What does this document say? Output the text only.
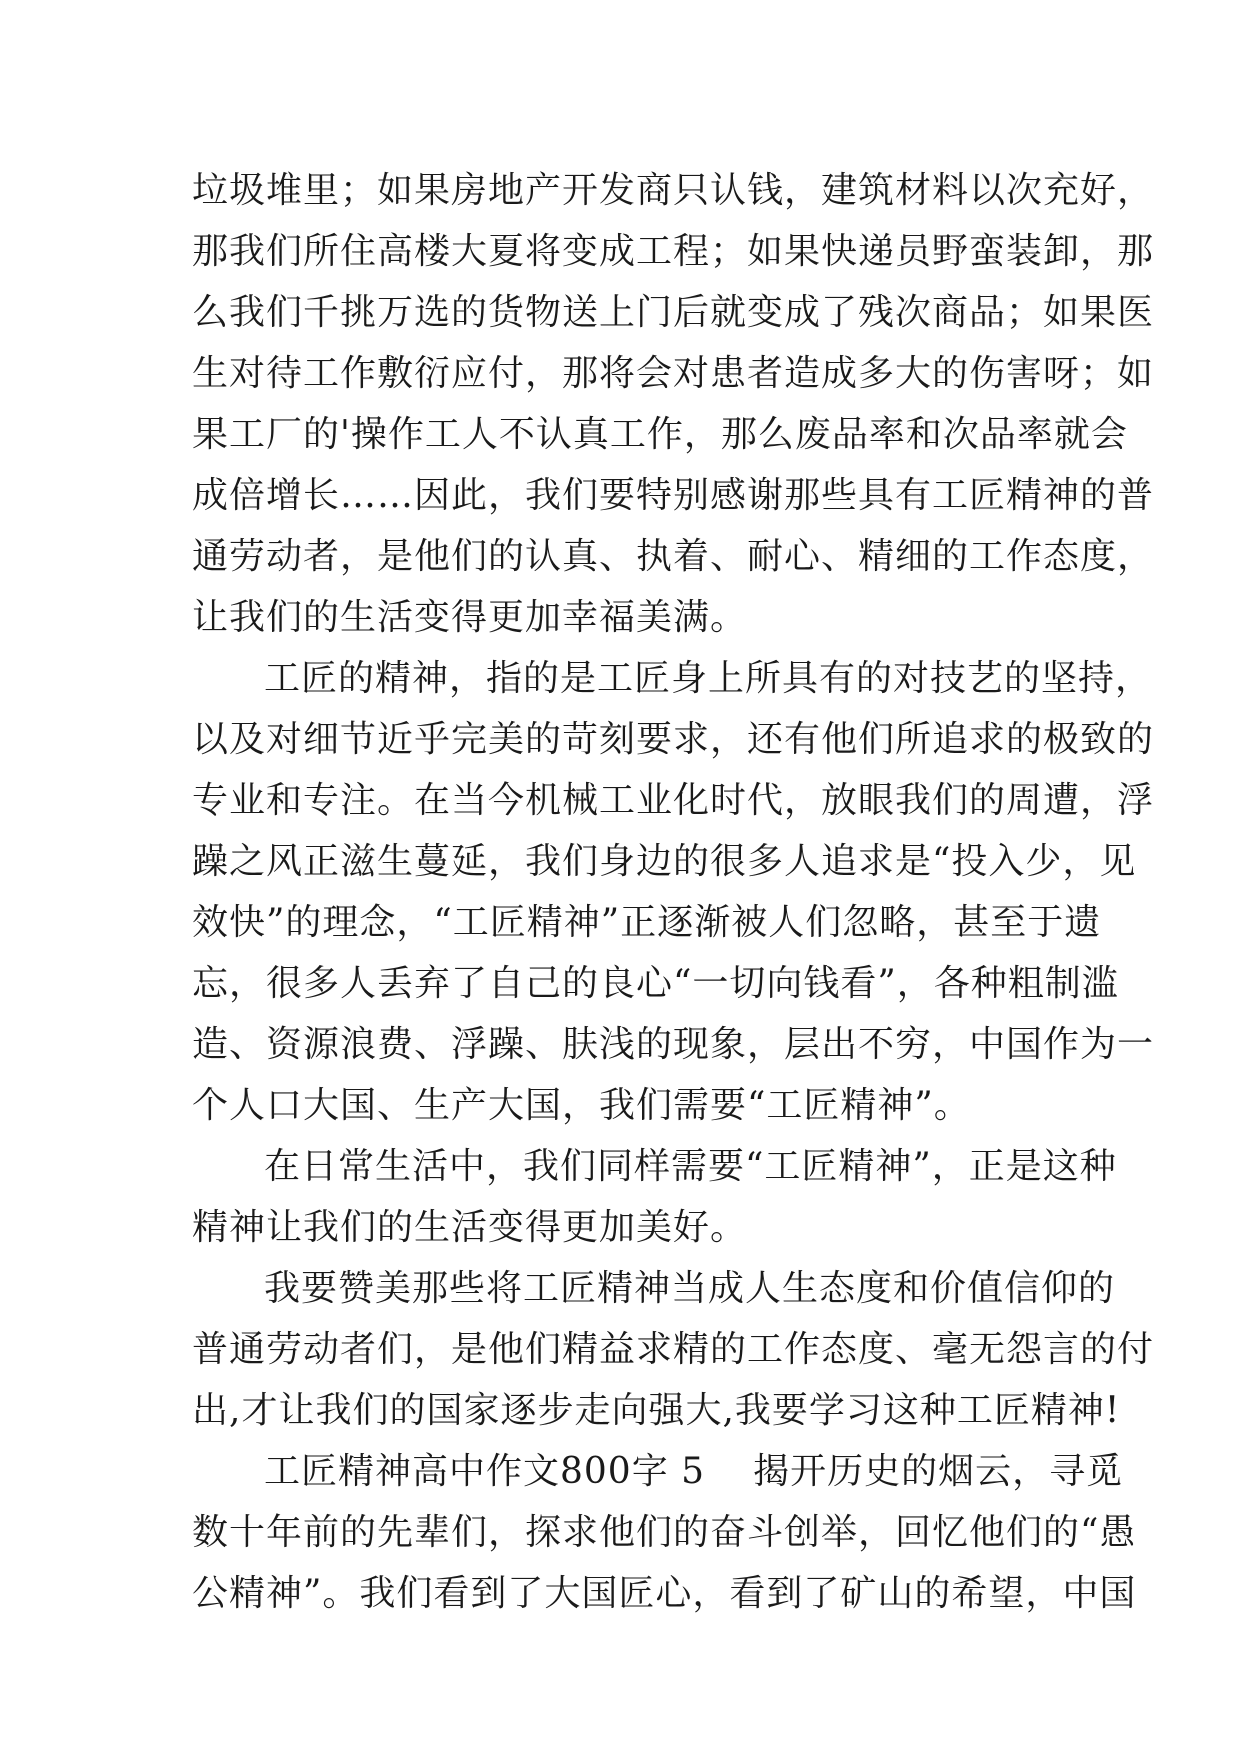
垃圾堆里；如果房地产开发商只认钱，建筑材料以次充好，
那我们所住高楼大夏将变成工程；如果快递员野蛮装卸，那
么我们千挑万选的货物送上门后就变成了残次商品；如果医
生对待工作敷衍应付，那将会对患者造成多大的伤害呀；如
果工厂的'操作工人不认真工作，那么废品率和次品率就会
成倍增长……因此，我们要特别感谢那些具有工匠精神的普
通劳动者，是他们的认真、执着、耐心、精细的工作态度，
让我们的生活变得更加幸福美满。
工匠的精神，指的是工匠身上所具有的对技艺的坚持，
以及对细节近乎完美的苛刻要求，还有他们所追求的极致的
专业和专注。在当今机械工业化时代，放眼我们的周遭，浮
躁之风正滋生蔓延，我们身边的很多人追求是“投入少，见
效快”的理念，“工匠精神”正逐渐被人们忽略，甚至于遗
忘，很多人丢弃了自己的良心“一切向钱看”，各种粗制滥
造、资源浪费、浮躁、肤浅的现象，层出不穷，中国作为一
个人口大国、生产大国，我们需要“工匠精神”。
在日常生活中，我们同样需要“工匠精神”，正是这种
精神让我们的生活变得更加美好。
我要赞美那些将工匠精神当成人生态度和价值信仰的
普通劳动者们，是他们精益求精的工作态度、毫无怨言的付
出,才让我们的国家逐步走向强大,我要学习这种工匠精神!
工匠精神高中作文800字 5 揭开历史的烟云，寻觅
数十年前的先辈们，探求他们的奋斗创举，回忆他们的“愚
公精神”。我们看到了大国匠心，看到了矿山的希望，中国
